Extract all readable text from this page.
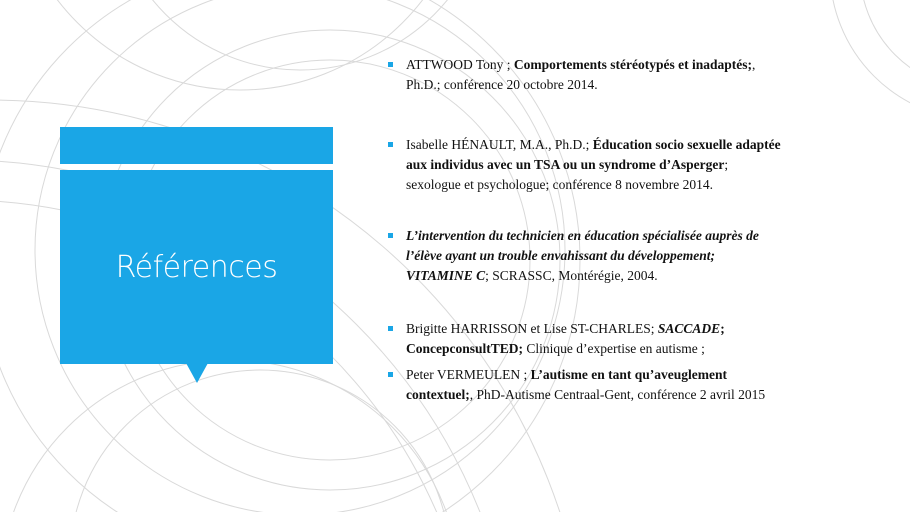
Références
ATTWOOD Tony ; Comportements stéréotypés et inadaptés;,
Ph.D.; conférence 20 octobre 2014.
Isabelle HÉNAULT, M.A., Ph.D.; Éducation socio sexuelle adaptée
aux individus avec un TSA ou un syndrome d’Asperger;
sexologue et psychologue; conférence 8 novembre 2014.
L’intervention du technicien en éducation spécialisée auprès de
l’élève ayant un trouble envahissant du développement;
VITAMINE C; SCRASSC, Montérégie, 2004.
Brigitte HARRISSON et Lise ST-CHARLES; SACCADE;
ConcepconsultTED; Clinique d’expertise en autisme ;
Peter VERMEULEN ; L’autisme en tant qu’aveuglement
contextuel;, PhD-Autisme Centraal-Gent, conférence 2 avril 2015
